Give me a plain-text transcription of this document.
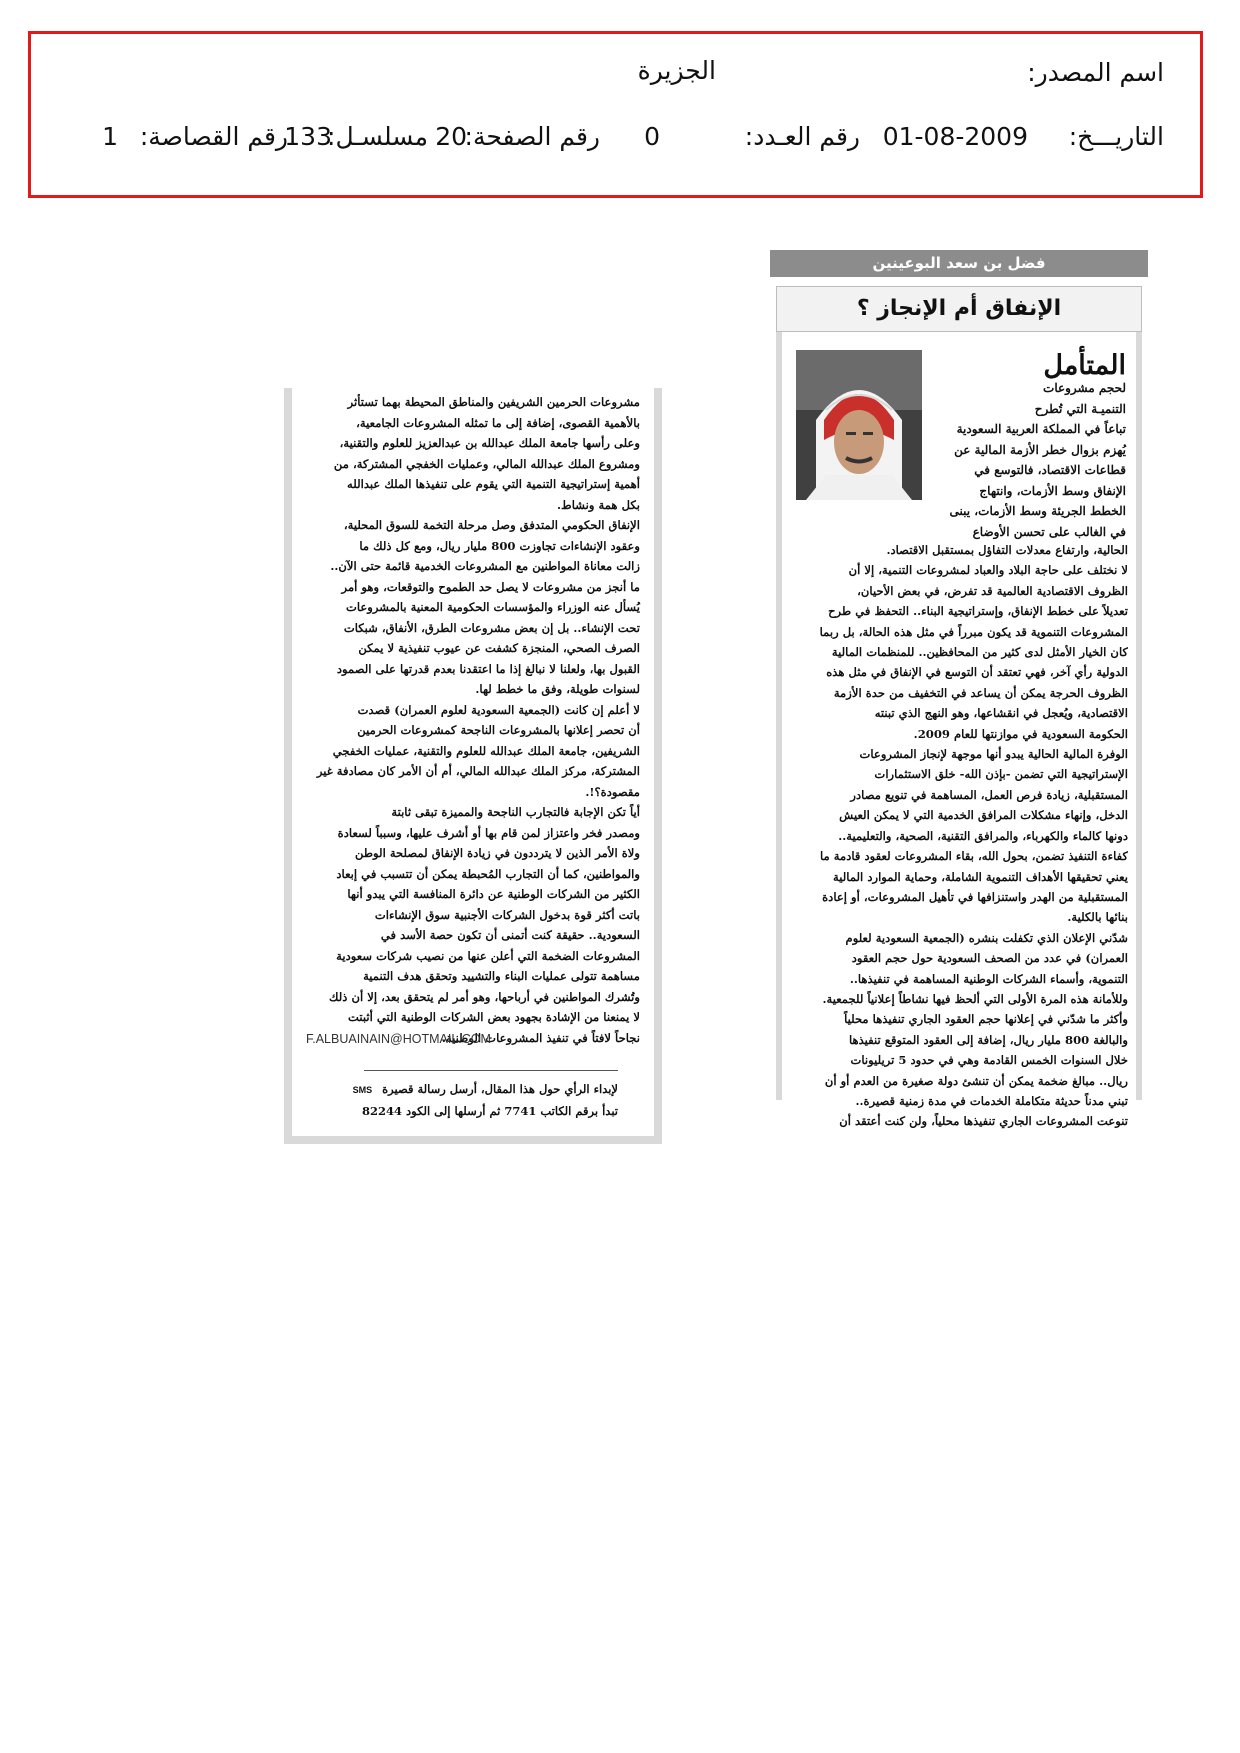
اسم المصدر:
الجزيرة
التاريـــخ:
01-08-2009
رقم العـدد:
0
رقم الصفحة:
20
مسلسـل:
133
رقم القصاصة:
1
فضل بن سعد البوعينين
الإنفاق أم الإنجاز ؟
المتأمل

لحجم مشروعات
التنميـة التي تُطرح
تباعاً في المملكة العربية السعودية
يُهزم بزوال خطر الأزمة المالية عن
قطاعات الاقتصاد، فالتوسع في
الإنفاق وسط الأزمات، وانتهاج
الخطط الجريئة وسط الأزمات، يبنى
في الغالب على تحسن الأوضاع

الحالية، وارتفاع معدلات التفاؤل بمستقبل الاقتصاد.
لا نختلف على حاجة البلاد والعباد لمشروعات التنمية، إلا أن
الظروف الاقتصادية العالمية قد تفرض، في بعض الأحيان،
تعديلاً على خطط الإنفاق، وإستراتيجية البناء.. التحفظ في طرح
المشروعات التنموية قد يكون مبرراً في مثل هذه الحالة، بل ربما
كان الخيار الأمثل لدى كثير من المحافظين.. للمنظمات المالية
الدولية رأي آخر، فهي تعتقد أن التوسع في الإنفاق في مثل هذه
الظروف الحرجة يمكن أن يساعد في التخفيف من حدة الأزمة
الاقتصادية، ويُعجل في انقشاعها، وهو النهج الذي تبنته
الحكومة السعودية في موازنتها للعام 2009.
الوفرة المالية الحالية يبدو أنها موجهة لإنجاز المشروعات
الإستراتيجية التي تضمن -بإذن الله- خلق الاستثمارات
المستقبلية، زيادة فرص العمل، المساهمة في تنويع مصادر
الدخل، وإنهاء مشكلات المرافق الخدمية التي لا يمكن العيش
دونها كالماء والكهرباء، والمرافق التقنية، الصحية، والتعليمية..
كفاءة التنفيذ تضمن، بحول الله، بقاء المشروعات لعقود قادمة ما
يعني تحقيقها الأهداف التنموية الشاملة، وحماية الموارد المالية
المستقبلية من الهدر واستنزافها في تأهيل المشروعات، أو إعادة
بنائها بالكلية.
شدّني الإعلان الذي تكفلت بنشره (الجمعية السعودية لعلوم
العمران) في عدد من الصحف السعودية حول حجم العقود
التنموية، وأسماء الشركات الوطنية المساهمة في تنفيذها..
وللأمانة هذه المرة الأولى التي ألحظ فيها نشاطاً إعلانياً للجمعية.
وأكثر ما شدّني في إعلانها حجم العقود الجاري تنفيذها محلياً
والبالغة 800 مليار ريال، إضافة إلى العقود المتوقع تنفيذها
خلال السنوات الخمس القادمة وهي في حدود 5 تريليونات
ريال.. مبالغ ضخمة يمكن أن تنشئ دولة صغيرة من العدم أو أن
تبني مدناً حديثة متكاملة الخدمات في مدة زمنية قصيرة..
تنوعت المشروعات الجاري تنفيذها محلياً، ولن كنت أعتقد أن

مشروعات الحرمين الشريفين والمناطق المحيطة بهما تستأثر
بالأهمية القصوى، إضافة إلى ما تمثله المشروعات الجامعية،
وعلى رأسها جامعة الملك عبدالله بن عبدالعزيز للعلوم والتقنية،
ومشروع الملك عبدالله المالي، وعمليات الخفجي المشتركة، من
أهمية إستراتيجية التنمية التي يقوم على تنفيذها الملك عبدالله
بكل همة ونشاط.
الإنفاق الحكومي المتدفق وصل مرحلة التخمة للسوق المحلية،
وعقود الإنشاءات تجاوزت 800 مليار ريال، ومع كل ذلك ما
زالت معاناة المواطنين مع المشروعات الخدمية قائمة حتى الآن..
ما أنجز من مشروعات لا يصل حد الطموح والتوقعات، وهو أمر
يُسأل عنه الوزراء والمؤسسات الحكومية المعنية بالمشروعات
تحت الإنشاء.. بل إن بعض مشروعات الطرق، الأنفاق، شبكات
الصرف الصحي، المنجزة كشفت عن عيوب تنفيذية لا يمكن
القبول بها، ولعلنا لا نبالغ إذا ما اعتقدنا بعدم قدرتها على الصمود
لسنوات طويلة، وفق ما خطط لها.
لا أعلم إن كانت (الجمعية السعودية لعلوم العمران) قصدت
أن تحصر إعلانها بالمشروعات الناجحة كمشروعات الحرمين
الشريفين، جامعة الملك عبدالله للعلوم والتقنية، عمليات الخفجي
المشتركة، مركز الملك عبدالله المالي، أم أن الأمر كان مصادفة غير
مقصودة؟!.
أياً تكن الإجابة فالتجارب الناجحة والمميزة تبقى ثابتة
ومصدر فخر واعتزاز لمن قام بها أو أشرف عليها، وسبباً لسعادة
ولاة الأمر الذين لا يترددون في زيادة الإنفاق لمصلحة الوطن
والمواطنين، كما أن التجارب المُحبطة يمكن أن تتسبب في إبعاد
الكثير من الشركات الوطنية عن دائرة المنافسة التي يبدو أنها
باتت أكثر قوة بدخول الشركات الأجنبية سوق الإنشاءات
السعودية.. حقيقة كنت أتمنى أن تكون حصة الأسد في
المشروعات الضخمة التي أعلن عنها من نصيب شركات سعودية
مساهمة تتولى عمليات البناء والتشييد وتحقق هدف التنمية
وتُشرك المواطنين في أرباحها، وهو أمر لم يتحقق بعد، إلا أن ذلك
لا يمنعنا من الإشادة بجهود بعض الشركات الوطنية التي أثبتت
نجاحاً لافتاً في تنفيذ المشروعات الوطنية.

F.ALBUAINAIN@HOTMAIL.COM
لإبداء الرأي حول هذا المقال، أرسل رسالة قصيرة SMS
تبدأ برقم الكاتب 7741 ثم أرسلها إلى الكود 82244
